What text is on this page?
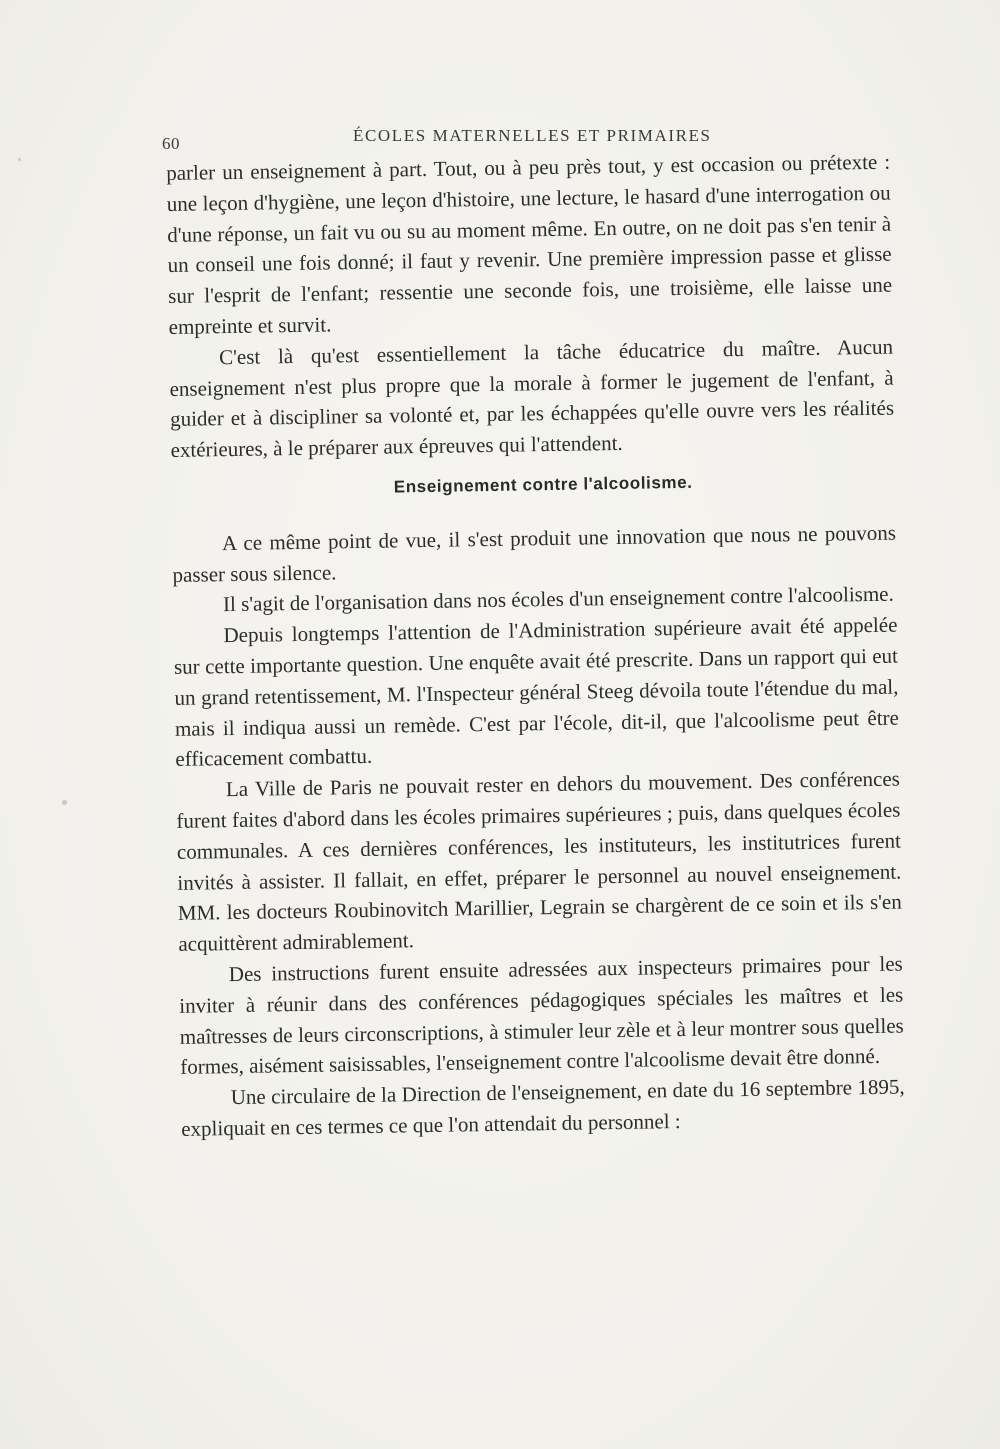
60	ÉCOLES MATERNELLES ET PRIMAIRES

parler un enseignement à part. Tout, ou à peu près tout, y est occasion ou prétexte : une leçon d'hygiène, une leçon d'histoire, une lecture, le hasard d'une interrogation ou d'une réponse, un fait vu ou su au moment même. En outre, on ne doit pas s'en tenir à un conseil une fois donné; il faut y revenir. Une première impression passe et glisse sur l'esprit de l'enfant; ressentie une seconde fois, une troisième, elle laisse une empreinte et survit.

C'est là qu'est essentiellement la tâche éducatrice du maître. Aucun enseignement n'est plus propre que la morale à former le jugement de l'enfant, à guider et à discipliner sa volonté et, par les échappées qu'elle ouvre vers les réalités extérieures, à le préparer aux épreuves qui l'attendent.

Enseignement contre l'alcoolisme.

A ce même point de vue, il s'est produit une innovation que nous ne pouvons passer sous silence.

Il s'agit de l'organisation dans nos écoles d'un enseignement contre l'alcoolisme.

Depuis longtemps l'attention de l'Administration supérieure avait été appelée sur cette importante question. Une enquête avait été prescrite. Dans un rapport qui eut un grand retentissement, M. l'Inspecteur général Steeg dévoila toute l'étendue du mal, mais il indiqua aussi un remède. C'est par l'école, dit-il, que l'alcoolisme peut être efficacement combattu.

La Ville de Paris ne pouvait rester en dehors du mouvement. Des conférences furent faites d'abord dans les écoles primaires supérieures ; puis, dans quelques écoles communales. A ces dernières conférences, les instituteurs, les institutrices furent invités à assister. Il fallait, en effet, préparer le personnel au nouvel enseignement. MM. les docteurs Roubinovitch Marillier, Legrain se chargèrent de ce soin et ils s'en acquittèrent admirablement.

Des instructions furent ensuite adressées aux inspecteurs primaires pour les inviter à réunir dans des conférences pédagogiques spéciales les maîtres et les maîtresses de leurs circonscriptions, à stimuler leur zèle et à leur montrer sous quelles formes, aisément saisissables, l'enseignement contre l'alcoolisme devait être donné.

Une circulaire de la Direction de l'enseignement, en date du 16 septembre 1895, expliquait en ces termes ce que l'on attendait du personnel :
